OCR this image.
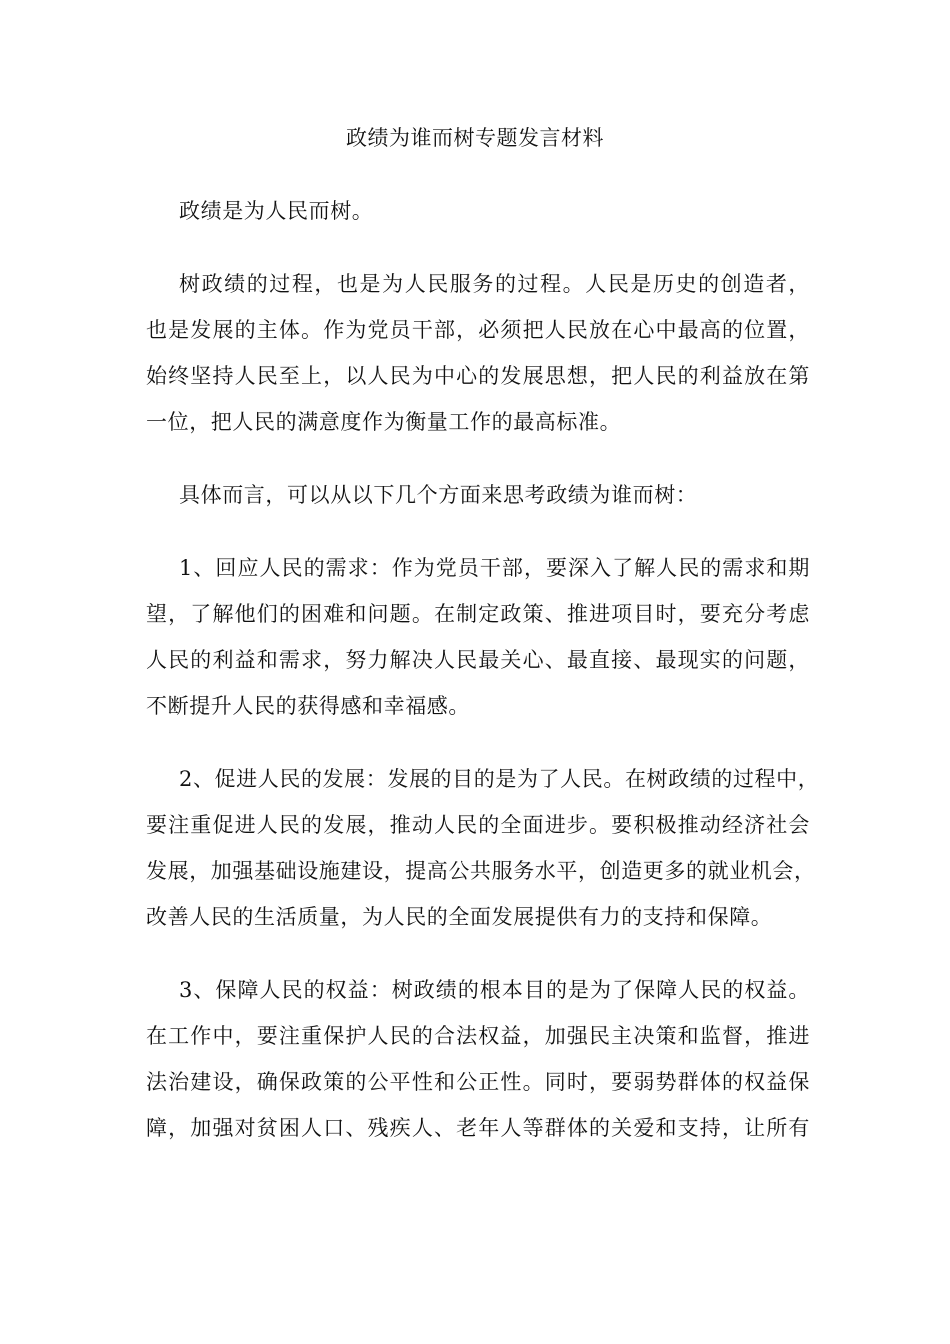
政绩为谁而树专题发言材料

政绩是为人民而树。

树政绩的过程，也是为人民服务的过程。人民是历史的创造者，
也是发展的主体。作为党员干部，必须把人民放在心中最高的位置，
始终坚持人民至上，以人民为中心的发展思想，把人民的利益放在第
一位，把人民的满意度作为衡量工作的最高标准。

具体而言，可以从以下几个方面来思考政绩为谁而树：

1、回应人民的需求：作为党员干部，要深入了解人民的需求和期
望，了解他们的困难和问题。在制定政策、推进项目时，要充分考虑
人民的利益和需求，努力解决人民最关心、最直接、最现实的问题，
不断提升人民的获得感和幸福感。

2、促进人民的发展：发展的目的是为了人民。在树政绩的过程中，
要注重促进人民的发展，推动人民的全面进步。要积极推动经济社会
发展，加强基础设施建设，提高公共服务水平，创造更多的就业机会，
改善人民的生活质量，为人民的全面发展提供有力的支持和保障。

3、保障人民的权益：树政绩的根本目的是为了保障人民的权益。
在工作中，要注重保护人民的合法权益，加强民主决策和监督，推进
法治建设，确保政策的公平性和公正性。同时，要弱势群体的权益保
障，加强对贫困人口、残疾人、老年人等群体的关爱和支持，让所有
